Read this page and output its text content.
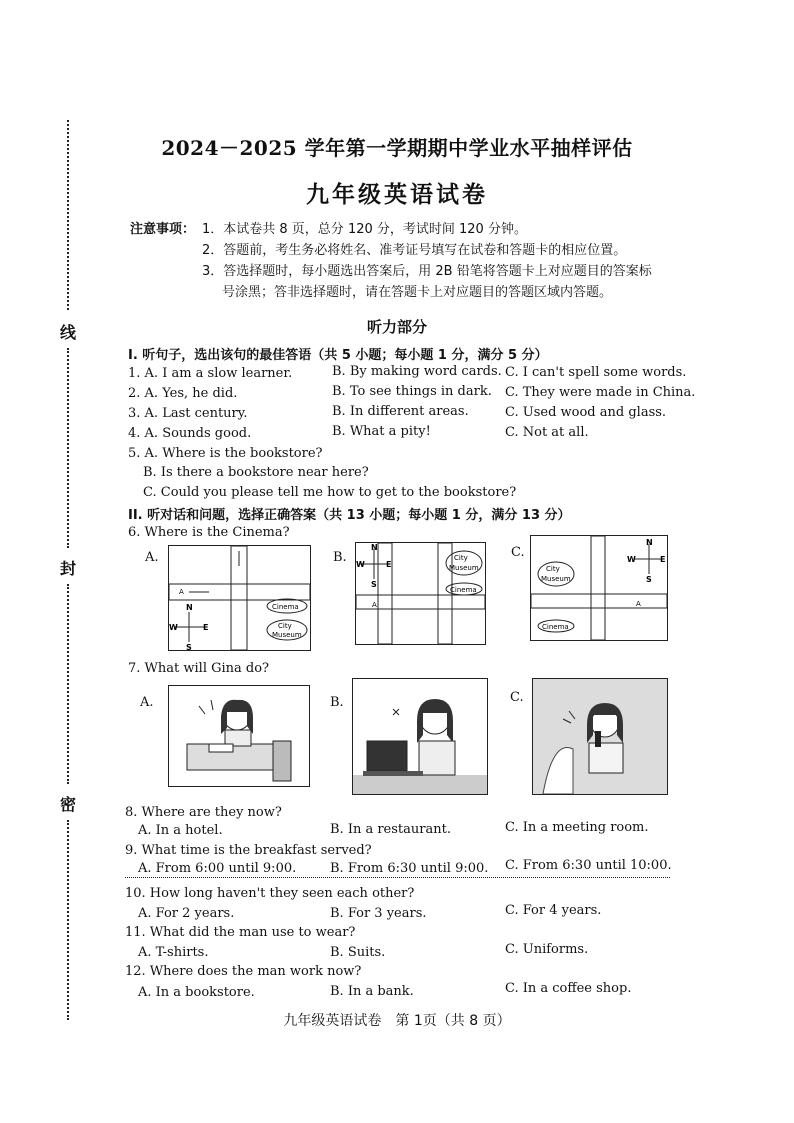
线
封
密
2024－2025 学年第一学期期中学业水平抽样评估
九年级英语试卷
注意事项： 1．本试卷共 8 页，总分 120 分，考试时间 120 分钟。
2．答题前，考生务必将姓名、准考证号填写在试卷和答题卡的相应位置。
3．答选择题时，每小题选出答案后，用 2B 铅笔将答题卡上对应题目的答案标
号涂黑；答非选择题时，请在答题卡上对应题目的答题区域内答题。
听力部分
I. 听句子，选出该句的最佳答语（共 5 小题；每小题 1 分，满分 5 分）
1. A. I am a slow learner.	B. By making word cards. C. I can't spell some words.
2. A. Yes, he did.	B. To see things in dark. C. They were made in China.
3. A. Last century.	B. In different areas.	C. Used wood and glass.
4. A. Sounds good.	B. What a pity!	C. Not at all.
5. A. Where is the bookstore?
B. Is there a bookstore near here?
C. Could you please tell me how to get to the bookstore?
II. 听对话和问题，选择正确答案（共 13 小题；每小题 1 分，满分 13 分）
6. Where is the Cinema?
A.
A
Cinema
City
Museum
N
S
W	E
B.
A
City
Museum
Cinema
N
S
W	E
C.
A
City
Museum
Cinema
N
S
W	E
7. What will Gina do?
A.	B.	C.
8. Where are they now?
A. In a hotel.	B. In a restaurant.	C. In a meeting room.
9. What time is the breakfast served?
A. From 6:00 until 9:00.	B. From 6:30 until 9:00. C. From 6:30 until 10:00.
10. How long haven't they seen each other?
A. For 2 years.	B. For 3 years.	C. For 4 years.
11. What did the man use to wear?
A. T-shirts.	B. Suits.	C. Uniforms.
12. Where does the man work now?
A. In a bookstore.	B. In a bank.	C. In a coffee shop.
九年级英语试卷　第 1页（共 8 页）
